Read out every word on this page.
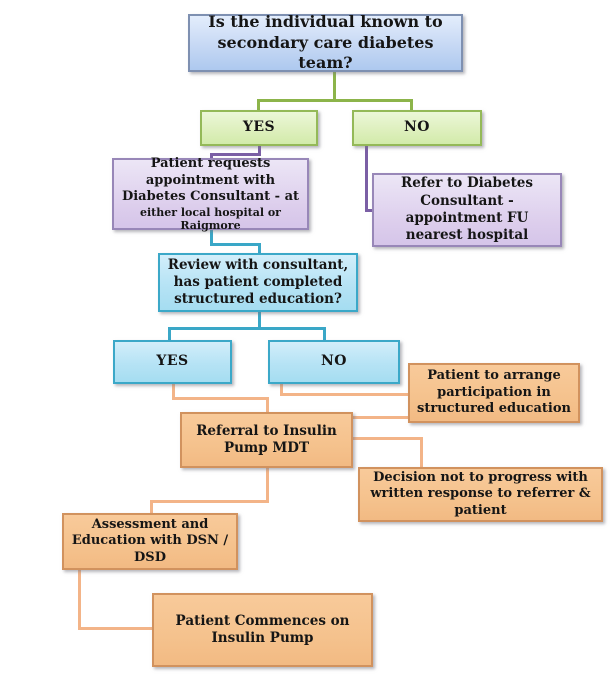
Is the individual known to secondary care diabetes team?
YES	NO
Patient requests appointment with Diabetes Consultant - at
either local hospital or Raigmore
Refer to Diabetes Consultant - appointment FU nearest hospital
Review with consultant, has patient completed structured education?
YES	NO
Patient to arrange participation in structured education
Referral to Insulin Pump MDT
Decision not to progress with written response to referrer & patient
Assessment and Education with DSN / DSD
Patient Commences on Insulin Pump
